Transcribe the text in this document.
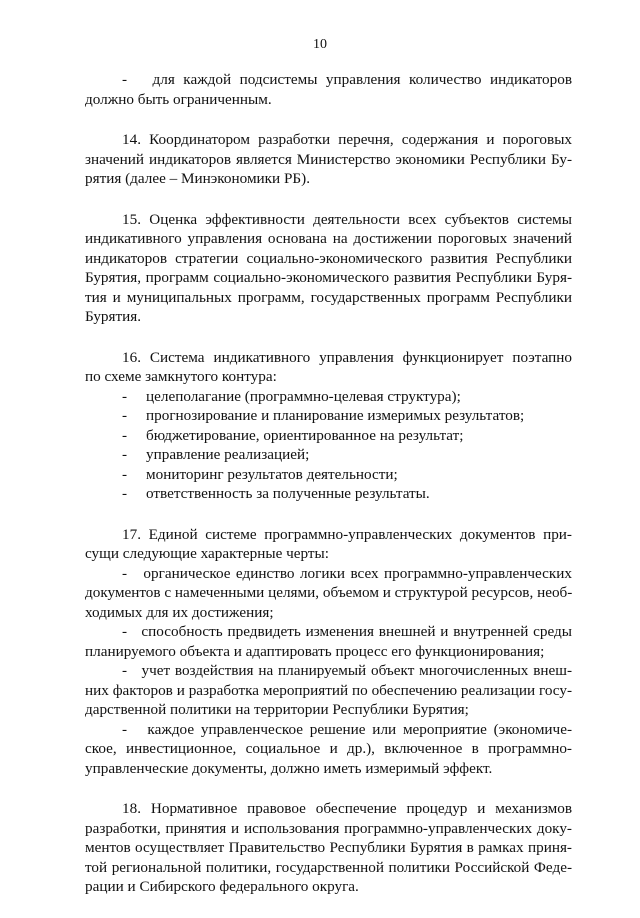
10
-   для каждой подсистемы управления количество индикаторов
должно быть ограниченным.
14. Координатором разработки перечня, содержания и пороговых
значений индикаторов является Министерство экономики Республики Бу-
рятия (далее – Минэкономики РБ).
15. Оценка эффективности деятельности всех субъектов системы
индикативного управления основана на достижении пороговых значений
индикаторов стратегии социально-экономического развития Республики
Бурятия, программ социально-экономического развития Республики Буря-
тия и муниципальных программ, государственных программ Республики
Бурятия.
16. Система индикативного управления функционирует поэтапно
по схеме замкнутого контура:
- целеполагание (программно-целевая структура);
- прогнозирование и планирование измеримых результатов;
- бюджетирование, ориентированное на результат;
- управление реализацией;
- мониторинг результатов деятельности;
- ответственность за полученные результаты.
17. Единой системе программно-управленческих документов при-
сущи следующие характерные черты:
-   органическое единство логики всех программно-управленческих
документов с намеченными целями, объемом и структурой ресурсов, необ-
ходимых для их достижения;
-   способность предвидеть изменения внешней и внутренней среды
планируемого объекта и адаптировать процесс его функционирования;
-   учет воздействия на планируемый объект многочисленных внеш-
них факторов и разработка мероприятий по обеспечению реализации госу-
дарственной политики на территории Республики Бурятия;
-   каждое управленческое решение или мероприятие (экономиче-
ское, инвестиционное, социальное и др.), включенное в программно-
управленческие документы, должно иметь измеримый эффект.
18. Нормативное правовое обеспечение процедур и механизмов
разработки, принятия и использования программно-управленческих доку-
ментов осуществляет Правительство Республики Бурятия в рамках приня-
той региональной политики, государственной политики Российской Феде-
рации и Сибирского федерального округа.
